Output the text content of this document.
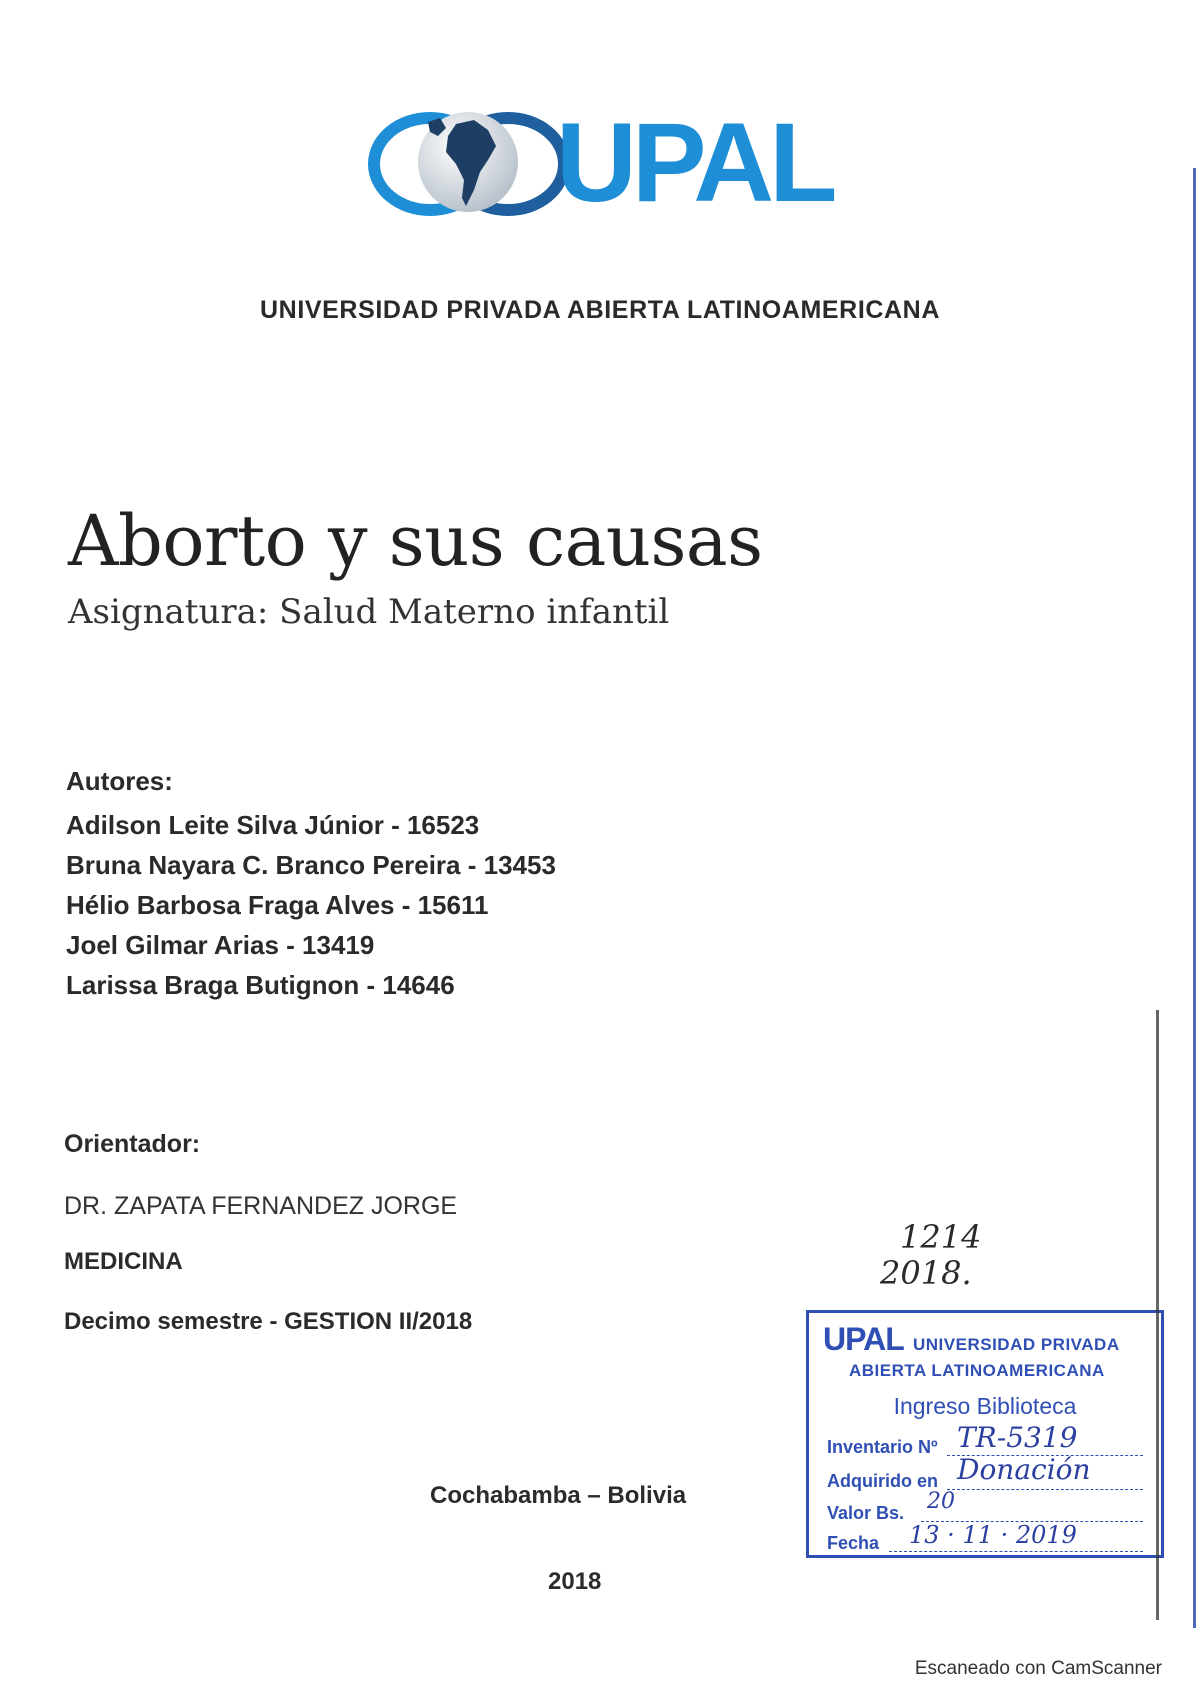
UPAL
UNIVERSIDAD PRIVADA ABIERTA LATINOAMERICANA
Aborto y sus causas
Asignatura: Salud Materno infantil
Autores:
Adilson Leite Silva Júnior - 16523
Bruna Nayara C. Branco Pereira - 13453
Hélio Barbosa Fraga Alves - 15611
Joel Gilmar Arias - 13419
Larissa Braga Butignon - 14646
Orientador:
DR. ZAPATA FERNANDEZ JORGE
MEDICINA
Decimo semestre - GESTION II/2018
Cochabamba – Bolivia
2018
1214
2018.
UPAL UNIVERSIDAD PRIVADA
ABIERTA LATINOAMERICANA
Ingreso Biblioteca
Inventario Nº TR-5319
Adquirido en Donación
Valor Bs. 20
Fecha 13 · 11 · 2019
Escaneado con CamScanner
